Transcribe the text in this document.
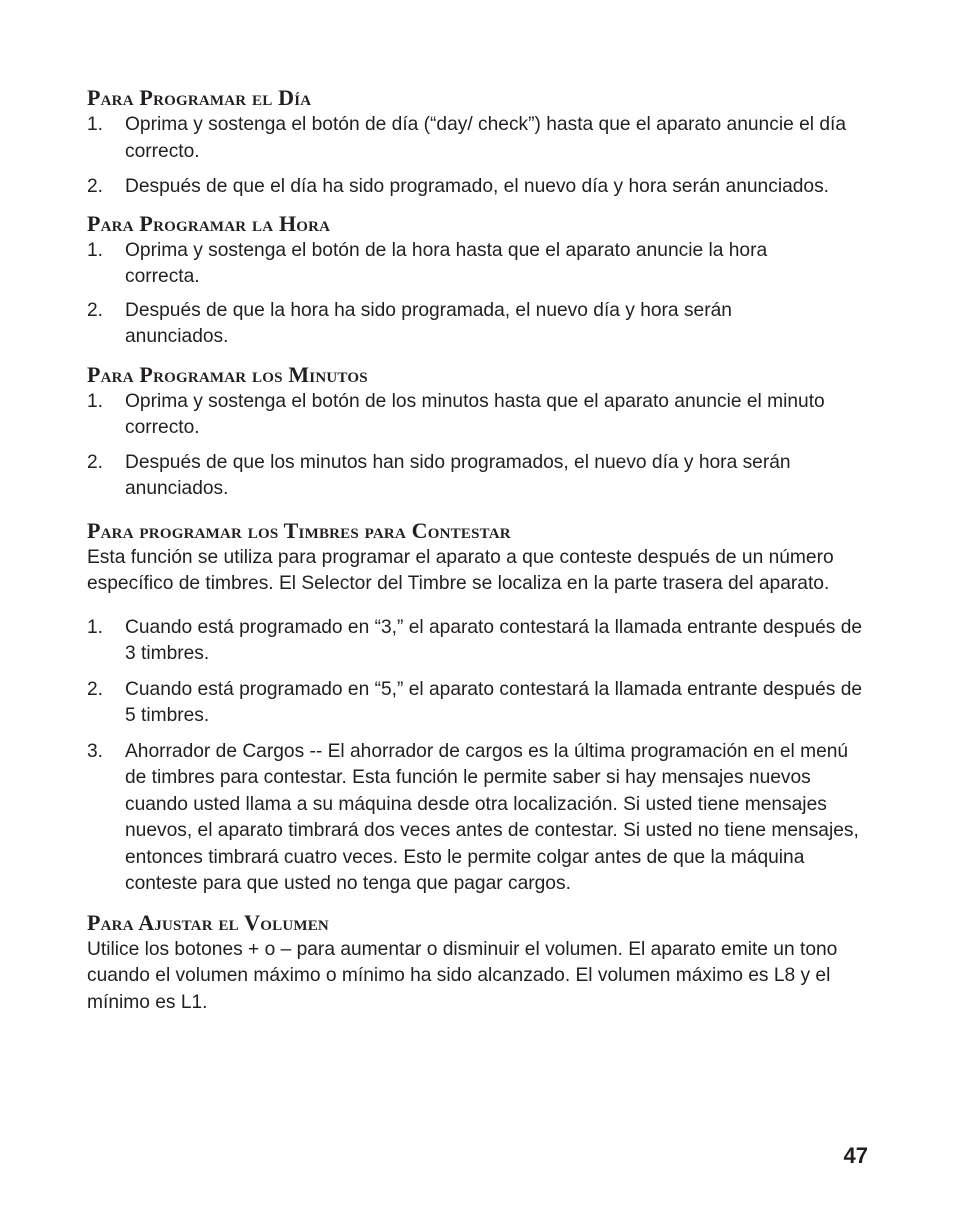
Para Programar el Día
1. Oprima y sostenga el botón de día (“day/ check”) hasta que el aparato anuncie el día correcto.
2. Después de que el día ha sido programado, el nuevo día y hora serán anunciados.
Para Programar la Hora
1. Oprima y sostenga el botón de la hora hasta que el aparato anuncie la hora correcta.
2. Después de que la hora ha sido programada, el nuevo día y hora serán anunciados.
Para Programar los Minutos
1. Oprima y sostenga el botón de los minutos hasta que el aparato anuncie el minuto correcto.
2. Después de que los minutos han sido programados, el nuevo día y hora serán anunciados.
Para programar los Timbres para Contestar

Esta función se utiliza para programar el aparato a que conteste después de un número específico de timbres. El Selector del Timbre se localiza en la parte trasera del aparato.

1. Cuando está programado en “3,” el aparato contestará la llamada entrante después de 3 timbres.
2. Cuando está programado en “5,” el aparato contestará la llamada entrante después de 5 timbres.
3. Ahorrador de Cargos -- El ahorrador de cargos es la última programación en el menú de timbres para contestar. Esta función le permite saber si hay mensajes nuevos cuando usted llama a su máquina desde otra localización. Si usted tiene mensajes nuevos, el aparato timbrará dos veces antes de contestar. Si usted no tiene mensajes, entonces timbrará cuatro veces. Esto le permite colgar antes de que la máquina conteste para que usted no tenga que pagar cargos.
Para Ajustar el Volumen

Utilice los botones + o – para aumentar o disminuir el volumen. El aparato emite un tono cuando el volumen máximo o mínimo ha sido alcanzado. El volumen máximo es L8 y el mínimo es L1.

47
